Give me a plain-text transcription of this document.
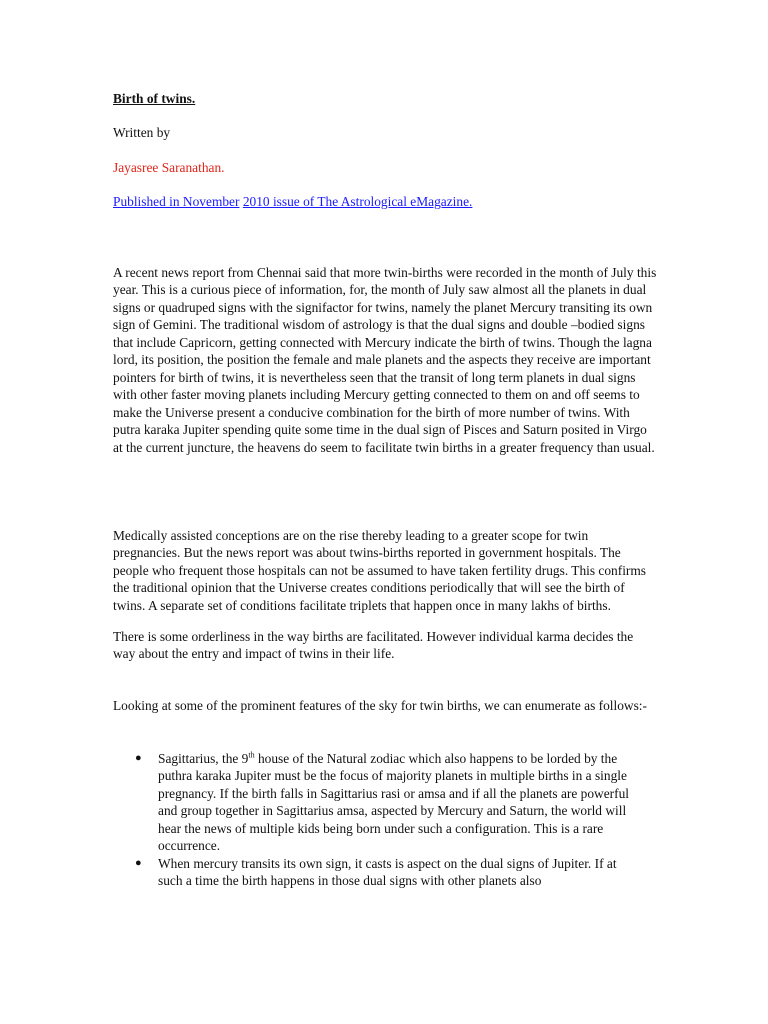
Birth of twins.
Written by
Jayasree Saranathan.
Published in November 2010 issue of The Astrological eMagazine.

A recent news report from Chennai said that more twin-births were recorded in the month of July this year. This is a curious piece of information, for, the month of July saw almost all the planets in dual signs or quadruped signs with the signifactor for twins, namely the planet Mercury transiting its own sign of Gemini. The traditional wisdom of astrology is that the dual signs and double –bodied signs that include Capricorn, getting connected with Mercury indicate the birth of twins. Though the lagna lord, its position, the position the female and male planets and the aspects they receive are important pointers for birth of twins, it is nevertheless seen that the transit of long term planets in dual signs with other faster moving planets including Mercury getting connected to them on and off seems to make the Universe present a conducive combination for the birth of more number of twins. With putra karaka Jupiter spending quite some time in the dual sign of Pisces and Saturn posited in Virgo at the current juncture, the heavens do seem to facilitate twin births in a greater frequency than usual.

Medically assisted conceptions are on the rise thereby leading to a greater scope for twin pregnancies. But the news report was about twins-births reported in government hospitals. The people who frequent those hospitals can not be assumed to have taken fertility drugs. This confirms the traditional opinion that the Universe creates conditions periodically that will see the birth of twins. A separate set of conditions facilitate triplets that happen once in many lakhs of births.

There is some orderliness in the way births are facilitated. However individual karma decides the way about the entry and impact of twins in their life.

Looking at some of the prominent features of the sky for twin births, we can enumerate as follows:-

● Sagittarius, the 9th house of the Natural zodiac which also happens to be lorded by the puthra karaka Jupiter must be the focus of majority planets in multiple births in a single pregnancy. If the birth falls in Sagittarius rasi or amsa and if all the planets are powerful and group together in Sagittarius amsa, aspected by Mercury and Saturn, the world will hear the news of multiple kids being born under such a configuration. This is a rare occurrence.
● When mercury transits its own sign, it casts is aspect on the dual signs of Jupiter. If at such a time the birth happens in those dual signs with other planets also
